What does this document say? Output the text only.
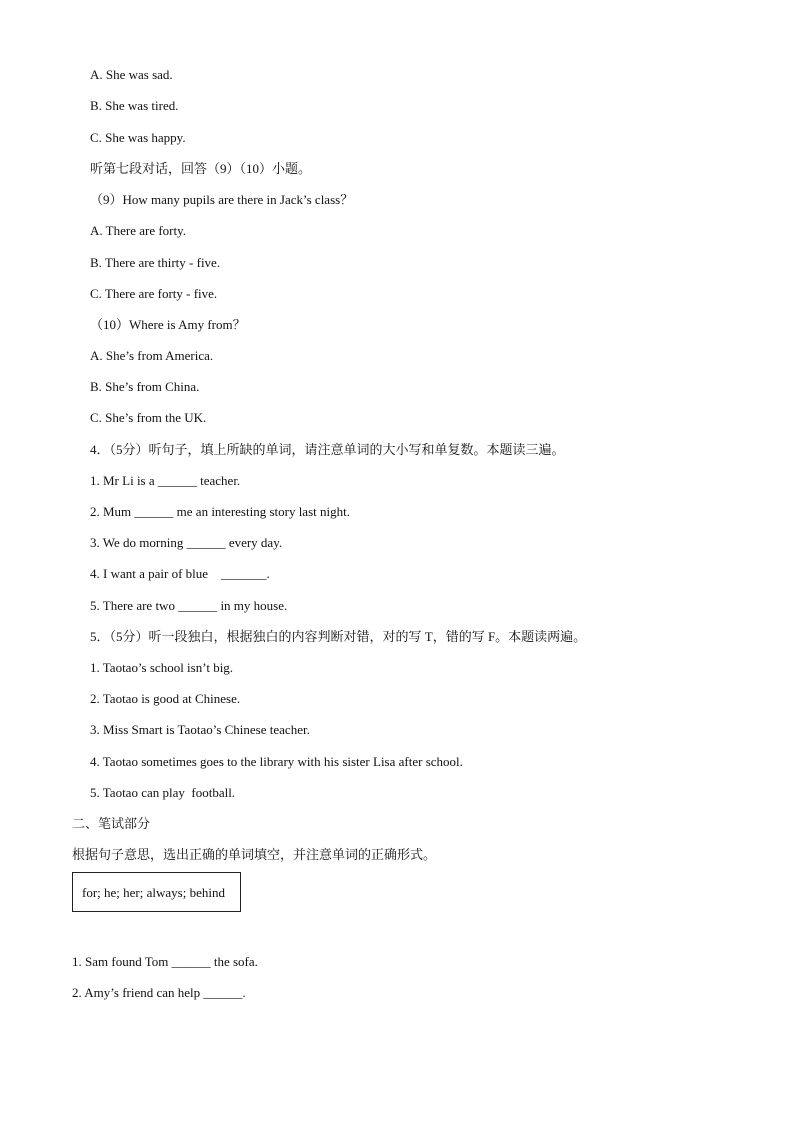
A. She was sad.
B. She was tired.
C. She was happy.
听第七段对话，回答（9）（10）小题。
（9）How many pupils are there in Jack’s class？
A. There are forty.
B. There are thirty - five.
C. There are forty - five.
（10）Where is Amy from？
A. She’s from America.
B. She’s from China.
C. She’s from the UK.
4．（5分）听句子，填上所缺的单词，请注意单词的大小写和单复数。本题读三遍。
1. Mr Li is a ______ teacher.
2. Mum ______ me an interesting story last night.
3. We do morning ______ every day.
4. I want a pair of blue    _______.
5. There are two ______ in my house.
5．（5分）听一段独白，根据独白的内容判断对错，对的写 T，错的写 F。本题读两遍。
1. Taotao’s school isn’t big.
2. Taotao is good at Chinese.
3. Miss Smart is Taotao’s Chinese teacher.
4. Taotao sometimes goes to the library with his sister Lisa after school.
5. Taotao can play  football.
二、笔试部分
根据句子意思，选出正确的单词填空，并注意单词的正确形式。
for; he; her; always; behind
1. Sam found Tom ______ the sofa.
2. Amy’s friend can help ______.
